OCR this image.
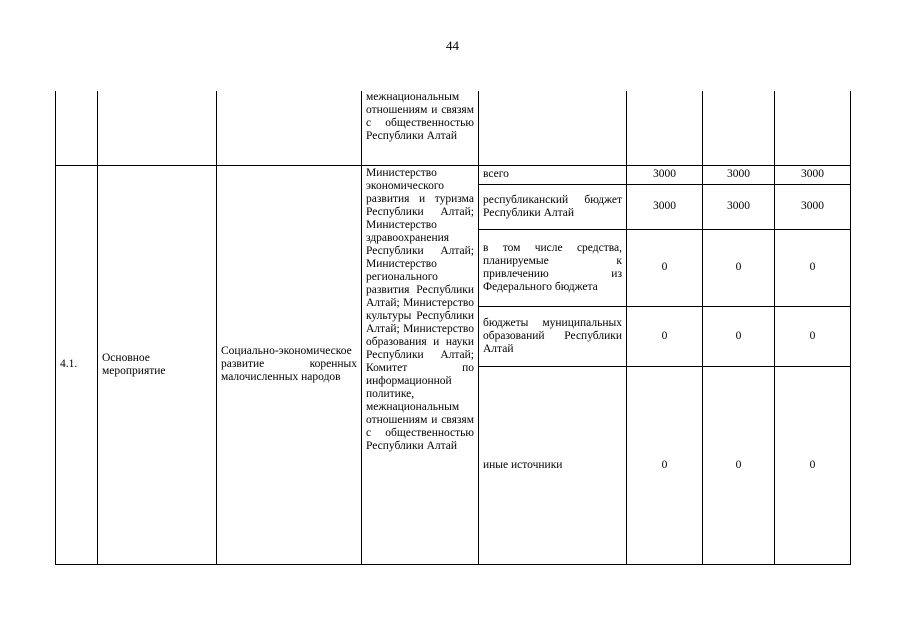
44
			межнациональным отношениям и связям с общественностью Республики Алтай				
4.1.	Основное мероприятие	Социально-экономическое развитие коренных малочисленных народов	Министерство экономического развития и туризма Республики Алтай; Министерство здравоохранения Республики Алтай; Министерство регионального развития Республики Алтай; Министерство культуры Республики Алтай; Министерство образования и науки Республики Алтай; Комитет по информационной политике, межнациональным отношениям и связям с общественностью Республики Алтай	всего	3000	3000	3000
				республиканский бюджет Республики Алтай	3000	3000	3000
				в том числе средства, планируемые к привлечению из Федерального бюджета	0	0	0
				бюджеты муниципальных образований Республики Алтай	0	0	0
				иные источники	0	0	0
